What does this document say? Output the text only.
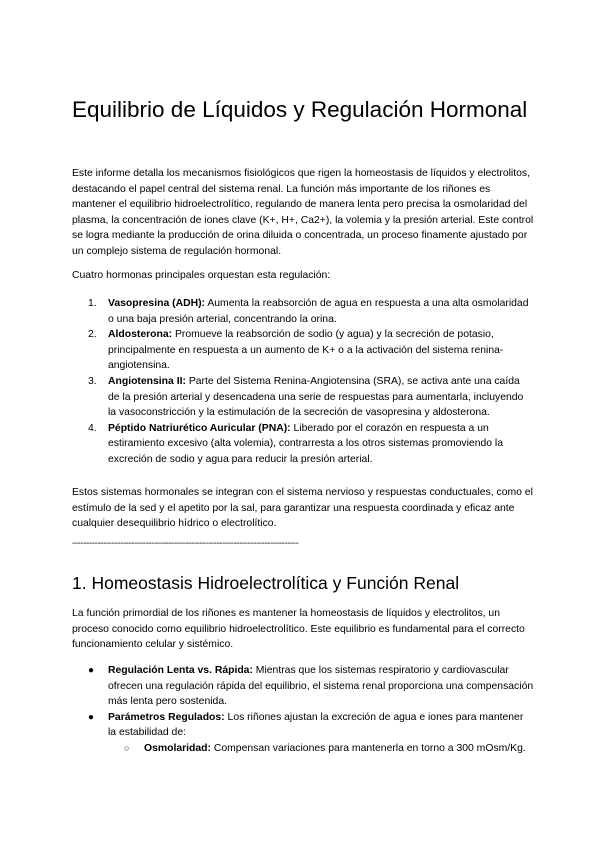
Equilibrio de Líquidos y Regulación Hormonal

Este informe detalla los mecanismos fisiológicos que rigen la homeostasis de líquidos y electrolitos, destacando el papel central del sistema renal. La función más importante de los riñones es mantener el equilibrio hidroelectrolítico, regulando de manera lenta pero precisa la osmolaridad del plasma, la concentración de iones clave (K+, H+, Ca2+), la volemia y la presión arterial. Este control se logra mediante la producción de orina diluida o concentrada, un proceso finamente ajustado por un complejo sistema de regulación hormonal.

Cuatro hormonas principales orquestan esta regulación:

1. Vasopresina (ADH): Aumenta la reabsorción de agua en respuesta a una alta osmolaridad o una baja presión arterial, concentrando la orina.
2. Aldosterona: Promueve la reabsorción de sodio (y agua) y la secreción de potasio, principalmente en respuesta a un aumento de K+ o a la activación del sistema renina-angiotensina.
3. Angiotensina II: Parte del Sistema Renina-Angiotensina (SRA), se activa ante una caída de la presión arterial y desencadena una serie de respuestas para aumentarla, incluyendo la vasoconstricción y la estimulación de la secreción de vasopresina y aldosterona.
4. Péptido Natriurético Auricular (PNA): Liberado por el corazón en respuesta a un estiramiento excesivo (alta volemia), contrarresta a los otros sistemas promoviendo la excreción de sodio y agua para reducir la presión arterial.

Estos sistemas hormonales se integran con el sistema nervioso y respuestas conductuales, como el estímulo de la sed y el apetito por la sal, para garantizar una respuesta coordinada y eficaz ante cualquier desequilibrio hídrico o electrolítico.

--------------------------------------------------------------------------------
1. Homeostasis Hidroelectrolítica y Función Renal

La función primordial de los riñones es mantener la homeostasis de líquidos y electrolitos, un proceso conocido como equilibrio hidroelectrolítico. Este equilibrio es fundamental para el correcto funcionamiento celular y sistémico.

● Regulación Lenta vs. Rápida: Mientras que los sistemas respiratorio y cardiovascular ofrecen una regulación rápida del equilibrio, el sistema renal proporciona una compensación más lenta pero sostenida.
● Parámetros Regulados: Los riñones ajustan la excreción de agua e iones para mantener la estabilidad de:
○ Osmolaridad: Compensan variaciones para mantenerla en torno a 300 mOsm/Kg.
